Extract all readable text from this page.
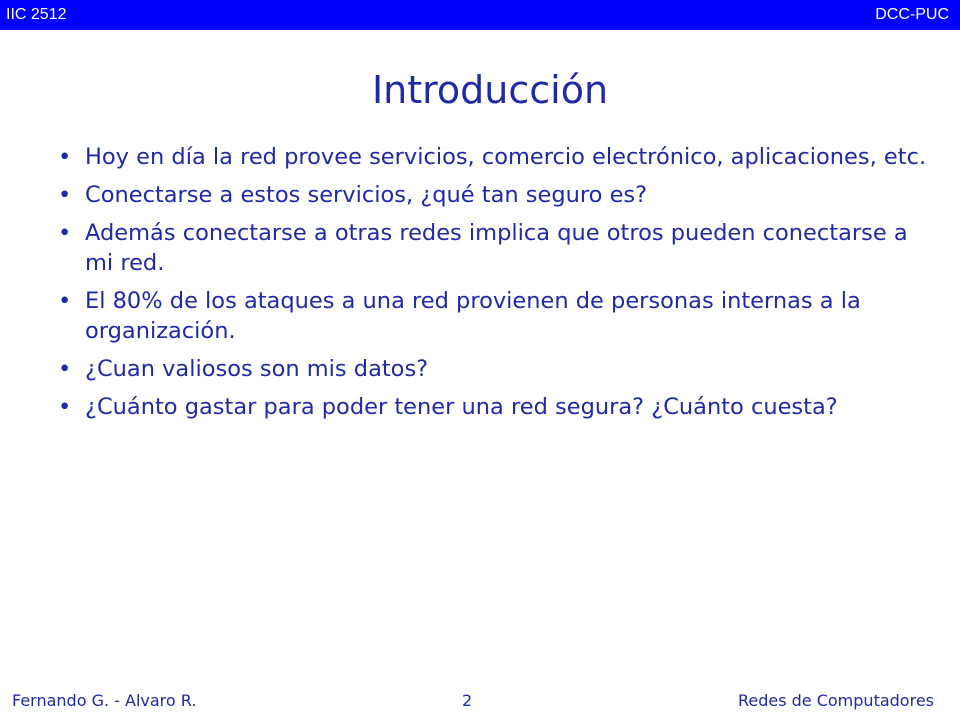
IIC 2512	DCC-PUC
Introducción
• Hoy en día la red provee servicios, comercio electrónico, aplicaciones, etc.
• Conectarse a estos servicios, ¿qué tan seguro es?
• Además conectarse a otras redes implica que otros pueden conectarse a mi red.
• El 80% de los ataques a una red provienen de personas internas a la organización.
• ¿Cuan valiosos son mis datos?
• ¿Cuánto gastar para poder tener una red segura? ¿Cuánto cuesta?
Fernando G. - Alvaro R.	2	Redes de Computadores
